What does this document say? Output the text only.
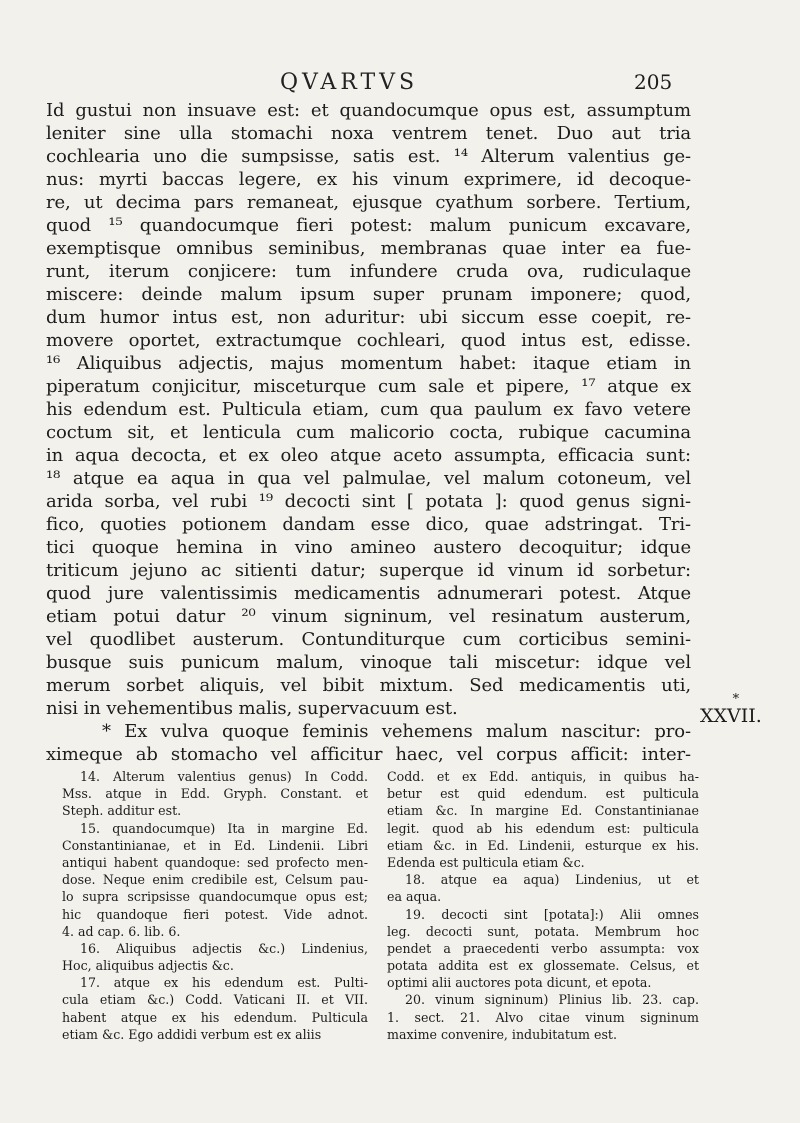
QVARTVS	205
Id gustui non insuave est: et quandocumque opus est, assumptum
leniter sine ulla stomachi noxa ventrem tenet. Duo aut tria
cochlearia uno die sumpsisse, satis est. ¹⁴ Alterum valentius ge-
nus: myrti baccas legere, ex his vinum exprimere, id decoque-
re, ut decima pars remaneat, ejusque cyathum sorbere. Tertium,
quod ¹⁵ quandocumque fieri potest: malum punicum excavare,
exemptisque omnibus seminibus, membranas quae inter ea fue-
runt, iterum conjicere: tum infundere cruda ova, rudiculaque
miscere: deinde malum ipsum super prunam imponere; quod,
dum humor intus est, non aduritur: ubi siccum esse coepit, re-
movere oportet, extractumque cochleari, quod intus est, edisse.
¹⁶ Aliquibus adjectis, majus momentum habet: itaque etiam in
piperatum conjicitur, misceturque cum sale et pipere, ¹⁷ atque ex
his edendum est. Pulticula etiam, cum qua paulum ex favo vetere
coctum sit, et lenticula cum malicorio cocta, rubique cacumina
in aqua decocta, et ex oleo atque aceto assumpta, efficacia sunt:
¹⁸ atque ea aqua in qua vel palmulae, vel malum cotoneum, vel
arida sorba, vel rubi ¹⁹ decocti sint [ potata ]: quod genus signi-
fico, quoties potionem dandam esse dico, quae adstringat. Tri-
tici quoque hemina in vino amineo austero decoquitur; idque
triticum jejuno ac sitienti datur; superque id vinum id sorbetur:
quod jure valentissimis medicamentis adnumerari potest. Atque
etiam potui datur ²⁰ vinum signinum, vel resinatum austerum,
vel quodlibet austerum. Contunditurque cum corticibus semini-
busque suis punicum malum, vinoque tali miscetur: idque vel
merum sorbet aliquis, vel bibit mixtum. Sed medicamentis uti,
nisi in vehementibus malis, supervacuum est.
* Ex vulva quoque feminis vehemens malum nascitur: pro-
ximeque ab stomacho vel afficitur haec, vel corpus afficit: inter-
*
XXVII.
14. Alterum valentius genus) In Codd.
Mss. atque in Edd. Gryph. Constant. et
Steph. additur est.
15. quandocumque) Ita in margine Ed.
Constantinianae, et in Ed. Lindenii. Libri
antiqui habent quandoque: sed profecto men-
dose. Neque enim credibile est, Celsum pau-
lo supra scripsisse quandocumque opus est;
hic quandoque fieri potest. Vide adnot.
4. ad cap. 6. lib. 6.
16. Aliquibus adjectis &c.) Lindenius,
Hoc, aliquibus adjectis &c.
17. atque ex his edendum est. Pulti-
cula etiam &c.) Codd. Vaticani II. et VII.
habent atque ex his edendum. Pulticula
etiam &c. Ego addidi verbum est ex aliis
Codd. et ex Edd. antiquis, in quibus ha-
betur est quid edendum. est pulticula
etiam &c. In margine Ed. Constantinianae
legit. quod ab his edendum est: pulticula
etiam &c. in Ed. Lindenii, esturque ex his.
Edenda est pulticula etiam &c.
18. atque ea aqua) Lindenius, ut et
ea aqua.
19. decocti sint [potata]:) Alii omnes
leg. decocti sunt, potata. Membrum hoc
pendet a praecedenti verbo assumpta: vox
potata addita est ex glossemate. Celsus, et
optimi alii auctores pota dicunt, et epota.
20. vinum signinum) Plinius lib. 23. cap.
1. sect. 21. Alvo citae vinum signinum
maxime convenire, indubitatum est.
